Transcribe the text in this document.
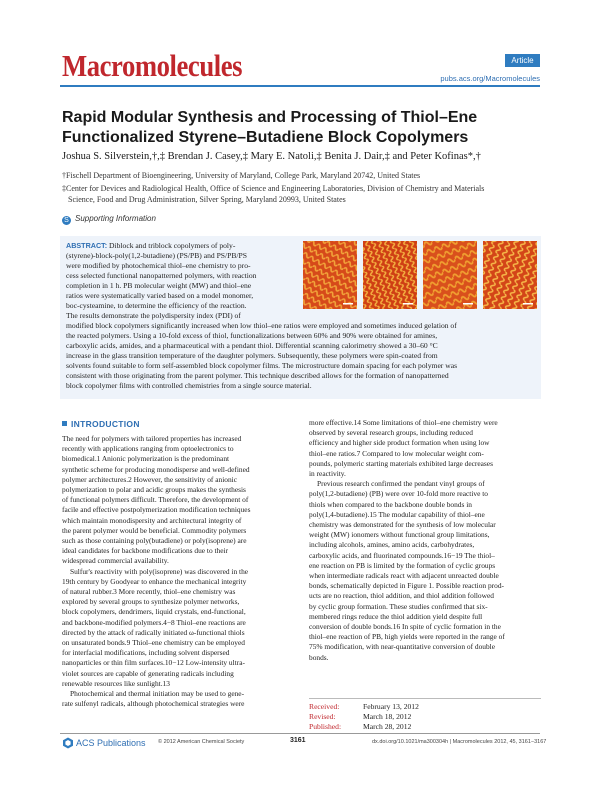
Macromolecules	Article
pubs.acs.org/Macromolecules
Rapid Modular Synthesis and Processing of Thiol–Ene Functionalized Styrene–Butadiene Block Copolymers
Joshua S. Silverstein,†,‡ Brendan J. Casey,‡ Mary E. Natoli,‡ Benita J. Dair,‡ and Peter Kofinas*,†
†Fischell Department of Bioengineering, University of Maryland, College Park, Maryland 20742, United States
‡Center for Devices and Radiological Health, Office of Science and Engineering Laboratories, Division of Chemistry and Materials
Science, Food and Drug Administration, Silver Spring, Maryland 20993, United States
S Supporting Information
ABSTRACT: Diblock and triblock copolymers of poly-
(styrene)-block-poly(1,2-butadiene) (PS/PB) and PS/PB/PS
were modified by photochemical thiol–ene chemistry to pro-
cess selected functional nanopatterned polymers, with reaction
completion in 1 h. PB molecular weight (MW) and thiol–ene
ratios were systematically varied based on a model monomer,
boc-cysteamine, to determine the efficiency of the reaction.
The results demonstrate the polydispersity index (PDI) of
modified block copolymers significantly increased when low thiol–ene ratios were employed and sometimes induced gelation of
the reacted polymers. Using a 10-fold excess of thiol, functionalizations between 60% and 90% were obtained for amines,
carboxylic acids, amides, and a pharmaceutical with a pendant thiol. Differential scanning calorimetry showed a 30–60 °C
increase in the glass transition temperature of the daughter polymers. Subsequently, these polymers were spin-coated from
solvents found suitable to form self-assembled block copolymer films. The microstructure domain spacing for each polymer was
consistent with those originating from the parent polymer. This technique described allows for the formation of nanopatterned
block copolymer films with controlled chemistries from a single source material.
INTRODUCTION
The need for polymers with tailored properties has increased
recently with applications ranging from optoelectronics to
biomedical.1 Anionic polymerization is the predominant
synthetic scheme for producing monodisperse and well-defined
polymer architectures.2 However, the sensitivity of anionic
polymerization to polar and acidic groups makes the synthesis
of functional polymers difficult. Therefore, the development of
facile and effective postpolymerization modification techniques
which maintain monodispersity and architectural integrity of
the parent polymer would be beneficial. Commodity polymers
such as those containing poly(butadiene) or poly(isoprene) are
ideal candidates for backbone modifications due to their
widespread commercial availability.
Sulfur's reactivity with poly(isoprene) was discovered in the
19th century by Goodyear to enhance the mechanical integrity
of natural rubber.3 More recently, thiol–ene chemistry was
explored by several groups to synthesize polymer networks,
block copolymers, dendrimers, liquid crystals, end-functional,
and backbone-modified polymers.4−8 Thiol–ene reactions are
directed by the attack of radically initiated ω-functional thiols
on unsaturated bonds.9 Thiol–ene chemistry can be employed
for interfacial modifications, including solvent dispersed
nanoparticles or thin film surfaces.10−12 Low-intensity ultra-
violet sources are capable of generating radicals including
renewable resources like sunlight.13
Photochemical and thermal initiation may be used to gene-
rate sulfenyl radicals, although photochemical strategies were
more effective.14 Some limitations of thiol–ene chemistry were
observed by several research groups, including reduced
efficiency and higher side product formation when using low
thiol–ene ratios.7 Compared to low molecular weight com-
pounds, polymeric starting materials exhibited large decreases
in reactivity.
Previous research confirmed the pendant vinyl groups of
poly(1,2-butadiene) (PB) were over 10-fold more reactive to
thiols when compared to the backbone double bonds in
poly(1,4-butadiene).15 The modular capability of thiol–ene
chemistry was demonstrated for the synthesis of low molecular
weight (MW) ionomers without functional group limitations,
including alcohols, amines, amino acids, carbohydrates,
carboxylic acids, and fluorinated compounds.16−19 The thiol–
ene reaction on PB is limited by the formation of cyclic groups
when intermediate radicals react with adjacent unreacted double
bonds, schematically depicted in Figure 1. Possible reaction prod-
ucts are no reaction, thiol addition, and thiol addition followed
by cyclic group formation. These studies confirmed that six-
membered rings reduce the thiol addition yield despite full
conversion of double bonds.16 In spite of cyclic formation in the
thiol–ene reaction of PB, high yields were reported in the range of
75% modification, with near-quantitative conversion of double
bonds.
Received:	February 13, 2012
Revised:	March 18, 2012
Published:	March 28, 2012
ACS Publications © 2012 American Chemical Society	3161	dx.doi.org/10.1021/ma300304h | Macromolecules 2012, 45, 3161−3167
